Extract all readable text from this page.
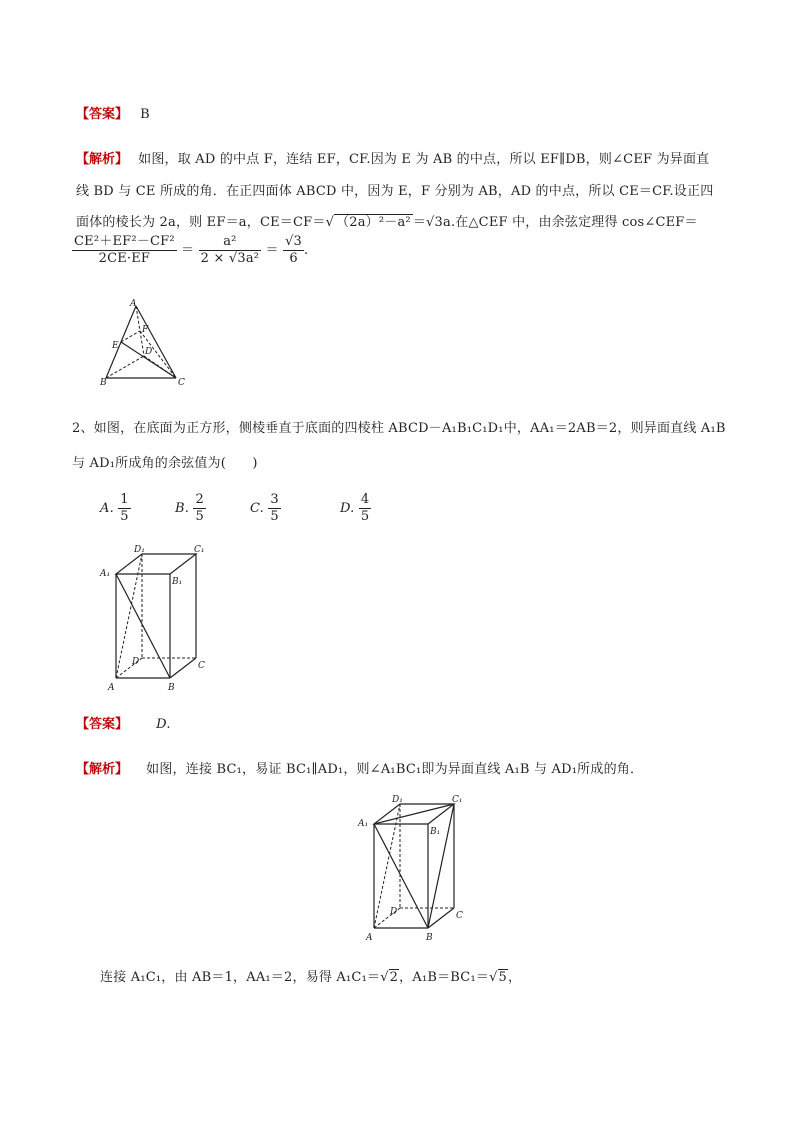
【答案】 B
【解析】 如图，取 AD 的中点 F，连结 EF，CF.因为 E 为 AB 的中点，所以 EF∥DB，则∠CEF 为异面直
线 BD 与 CE 所成的角．在正四面体 ABCD 中，因为 E，F 分别为 AB，AD 的中点，所以 CE＝CF.设正四
面体的棱长为 2a，则 EF＝a，CE＝CF＝√ （2a）²－a² ＝√3a.在△CEF 中，由余弦定理得 cos∠CEF＝
$\frac{\text{CE²＋EF²－CF²}}{2CE\cdot EF} = \frac{\text{a²}}{\text{2 × √3a²}} = \frac{√3}{6}$ .
A
F
E
D
B	C
2、如图，在底面为正方形，侧棱垂直于底面的四棱柱 ABCD－A₁B₁C₁D₁中，AA₁＝2AB＝2，则异面直线 A₁B
与 AD₁所成角的余弦值为(　　)
A. $\frac{1}{5}$	B. $\frac{2}{5}$	C. $\frac{3}{5}$	D. $\frac{4}{5}$
D₁	C₁
A₁
B₁
D	C
A	B
【答案】 D.
【解析】 如图，连接 BC₁，易证 BC₁∥AD₁，则∠A₁BC₁即为异面直线 A₁B 与 AD₁所成的角．
D₁	C₁
A₁
B₁
D	C
A	B
连接 A₁C₁，由 AB＝1，AA₁＝2，易得 A₁C₁＝√2，A₁B＝BC₁＝√5，
